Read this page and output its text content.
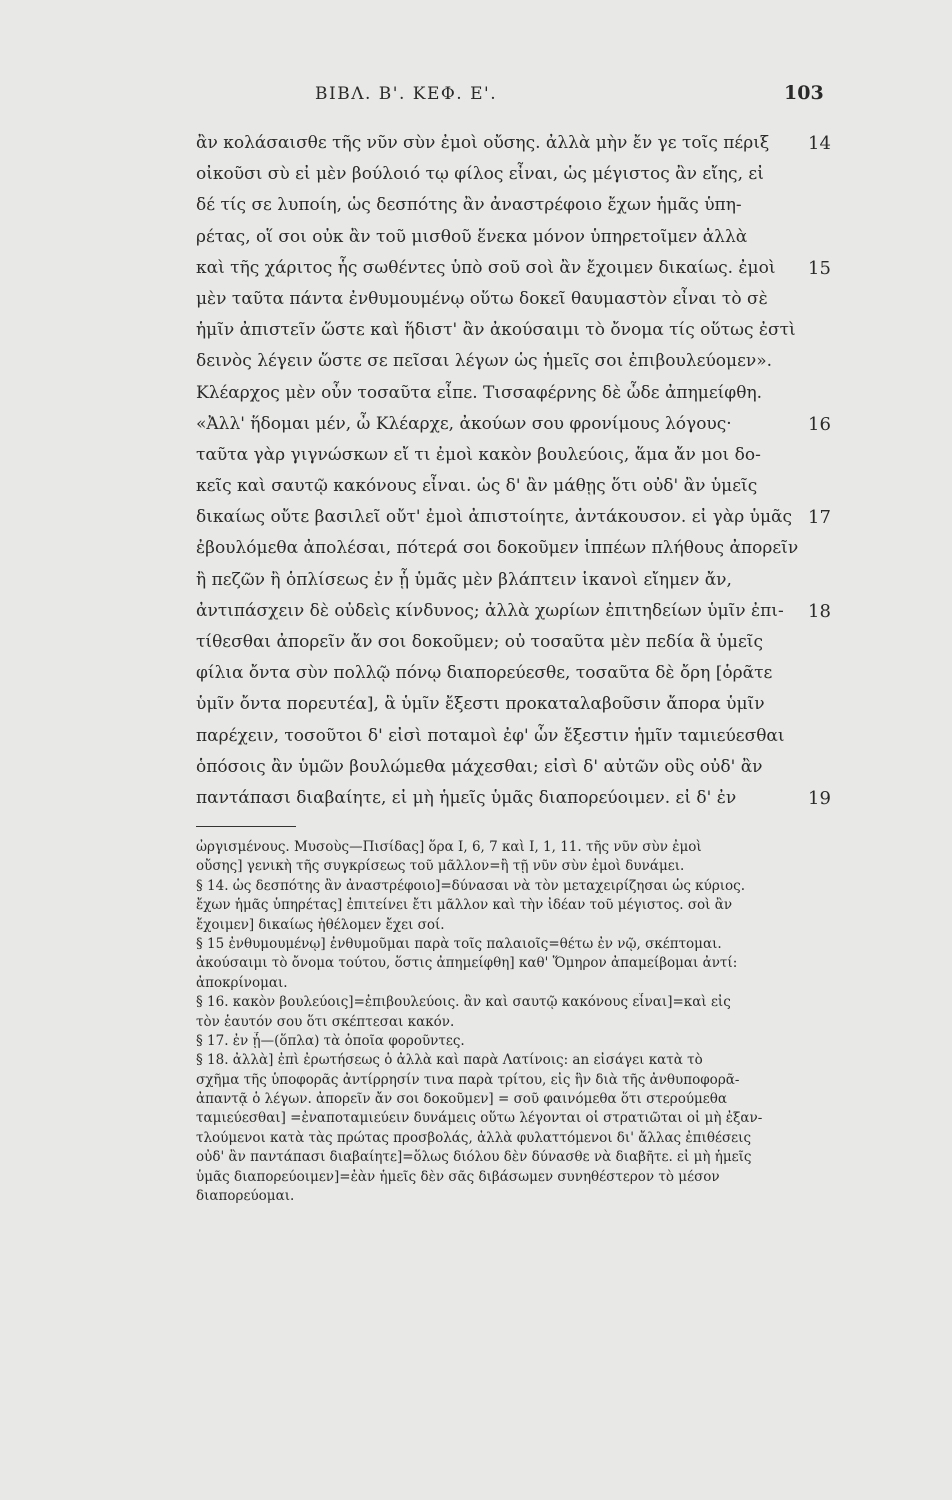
ΒΙΒΛ. Β'. ΚΕΦ. Ε'.	103
ἂν κολάσαισθε τῆς νῦν σὺν ἐμοὶ οὔσης. ἀλλὰ μὴν ἔν γε τοῖς πέριξ
οἰκοῦσι σὺ εἰ μὲν βούλοιό τῳ φίλος εἶναι, ὡς μέγιστος ἂν εἴης, εἰ
δέ τίς σε λυποίη, ὡς δεσπότης ἂν ἀναστρέφοιο ἔχων ἡμᾶς ὑπη-
ρέτας, οἵ σοι οὐκ ἂν τοῦ μισθοῦ ἕνεκα μόνον ὑπηρετοῖμεν ἀλλὰ
καὶ τῆς χάριτος ἧς σωθέντες ὑπὸ σοῦ σοὶ ἂν ἔχοιμεν δικαίως. ἐμοὶ
μὲν ταῦτα πάντα ἐνθυμουμένῳ οὕτω δοκεῖ θαυμαστὸν εἶναι τὸ σὲ
ἡμῖν ἀπιστεῖν ὥστε καὶ ἥδιστ' ἂν ἀκούσαιμι τὸ ὄνομα τίς οὕτως ἐστὶ
δεινὸς λέγειν ὥστε σε πεῖσαι λέγων ὡς ἡμεῖς σοι ἐπιβουλεύομεν».
Κλέαρχος μὲν οὖν τοσαῦτα εἶπε. Τισσαφέρνης δὲ ὧδε ἀπημείφθη.
«Ἀλλ' ἥδομαι μέν, ὦ Κλέαρχε, ἀκούων σου φρονίμους λόγους·
ταῦτα γὰρ γιγνώσκων εἴ τι ἐμοὶ κακὸν βουλεύοις, ἅμα ἄν μοι δο-
κεῖς καὶ σαυτῷ κακόνους εἶναι. ὡς δ' ἂν μάθῃς ὅτι οὐδ' ἂν ὑμεῖς
δικαίως οὔτε βασιλεῖ οὔτ' ἐμοὶ ἀπιστοίητε, ἀντάκουσον. εἰ γὰρ ὑμᾶς
ἐβουλόμεθα ἀπολέσαι, πότερά σοι δοκοῦμεν ἱππέων πλήθους ἀπορεῖν
ἢ πεζῶν ἢ ὁπλίσεως ἐν ᾗ ὑμᾶς μὲν βλάπτειν ἱκανοὶ εἴημεν ἄν,
ἀντιπάσχειν δὲ οὐδεὶς κίνδυνος; ἀλλὰ χωρίων ἐπιτηδείων ὑμῖν ἐπι-
τίθεσθαι ἀπορεῖν ἄν σοι δοκοῦμεν; οὐ τοσαῦτα μὲν πεδία ἃ ὑμεῖς
φίλια ὄντα σὺν πολλῷ πόνῳ διαπορεύεσθε, τοσαῦτα δὲ ὄρη [ὁρᾶτε
ὑμῖν ὄντα πορευτέα], ἃ ὑμῖν ἔξεστι προκαταλαβοῦσιν ἄπορα ὑμῖν
παρέχειν, τοσοῦτοι δ' εἰσὶ ποταμοὶ ἐφ' ὧν ἔξεστιν ἡμῖν ταμιεύεσθαι
ὁπόσοις ἂν ὑμῶν βουλώμεθα μάχεσθαι; εἰσὶ δ' αὐτῶν οὓς οὐδ' ἂν
παντάπασι διαβαίητε, εἰ μὴ ἡμεῖς ὑμᾶς διαπορεύοιμεν. εἰ δ' ἐν
14
15
16
17
18
19
ὠργισμένους. Μυσοὺς—Πισίδας] ὅρα Ι, 6, 7 καὶ Ι, 1, 11. τῆς νῦν σὺν ἐμοὶ
οὔσης] γενικὴ τῆς συγκρίσεως τοῦ μᾶλλον=ἢ τῇ νῦν σὺν ἐμοὶ δυνάμει.
§ 14. ὡς δεσπότης ἂν ἀναστρέφοιο]=δύνασαι νὰ τὸν μεταχειρίζησαι ὡς κύριος.
ἔχων ἡμᾶς ὑπηρέτας] ἐπιτείνει ἔτι μᾶλλον καὶ τὴν ἰδέαν τοῦ μέγιστος. σοὶ ἂν
ἔχοιμεν] δικαίως ἠθέλομεν ἔχει σοί.
§ 15 ἐνθυμουμένῳ] ἐνθυμοῦμαι παρὰ τοῖς παλαιοῖς=θέτω ἐν νῷ, σκέπτομαι.
ἀκούσαιμι τὸ ὄνομα τούτου, ὅστις ἀπημείφθη] καθ' Ὅμηρον ἀπαμείβομαι ἀντί:
ἀποκρίνομαι.
§ 16. κακὸν βουλεύοις]=ἐπιβουλεύοις. ἂν καὶ σαυτῷ κακόνους εἶναι]=καὶ εἰς
τὸν ἑαυτόν σου ὅτι σκέπτεσαι κακόν.
§ 17. ἐν ᾗ—(ὅπλα) τὰ ὁποῖα φοροῦντες.
§ 18. ἀλλὰ] ἐπὶ ἐρωτήσεως ὁ ἀλλὰ καὶ παρὰ Λατίνοις: an εἰσάγει κατὰ τὸ
σχῆμα τῆς ὑποφορᾶς ἀντίρρησίν τινα παρὰ τρίτου, εἰς ἣν διὰ τῆς ἀνθυποφορᾶ-
ἀπαντᾷ ὁ λέγων. ἀπορεῖν ἄν σοι δοκοῦμεν] = σοῦ φαινόμεθα ὅτι στερούμεθα
ταμιεύεσθαι] =ἐναποταμιεύειν δυνάμεις οὕτω λέγονται οἱ στρατιῶται οἱ μὴ ἐξαν-
τλούμενοι κατὰ τὰς πρώτας προσβολάς, ἀλλὰ φυλαττόμενοι δι' ἄλλας ἐπιθέσεις
οὐδ' ἂν παντάπασι διαβαίητε]=ὅλως διόλου δὲν δύνασθε νὰ διαβῆτε. εἰ μὴ ἡμεῖς
ὑμᾶς διαπορεύοιμεν]=ἐὰν ἡμεῖς δὲν σᾶς διβάσωμεν συνηθέστερον τὸ μέσον
διαπορεύομαι.
